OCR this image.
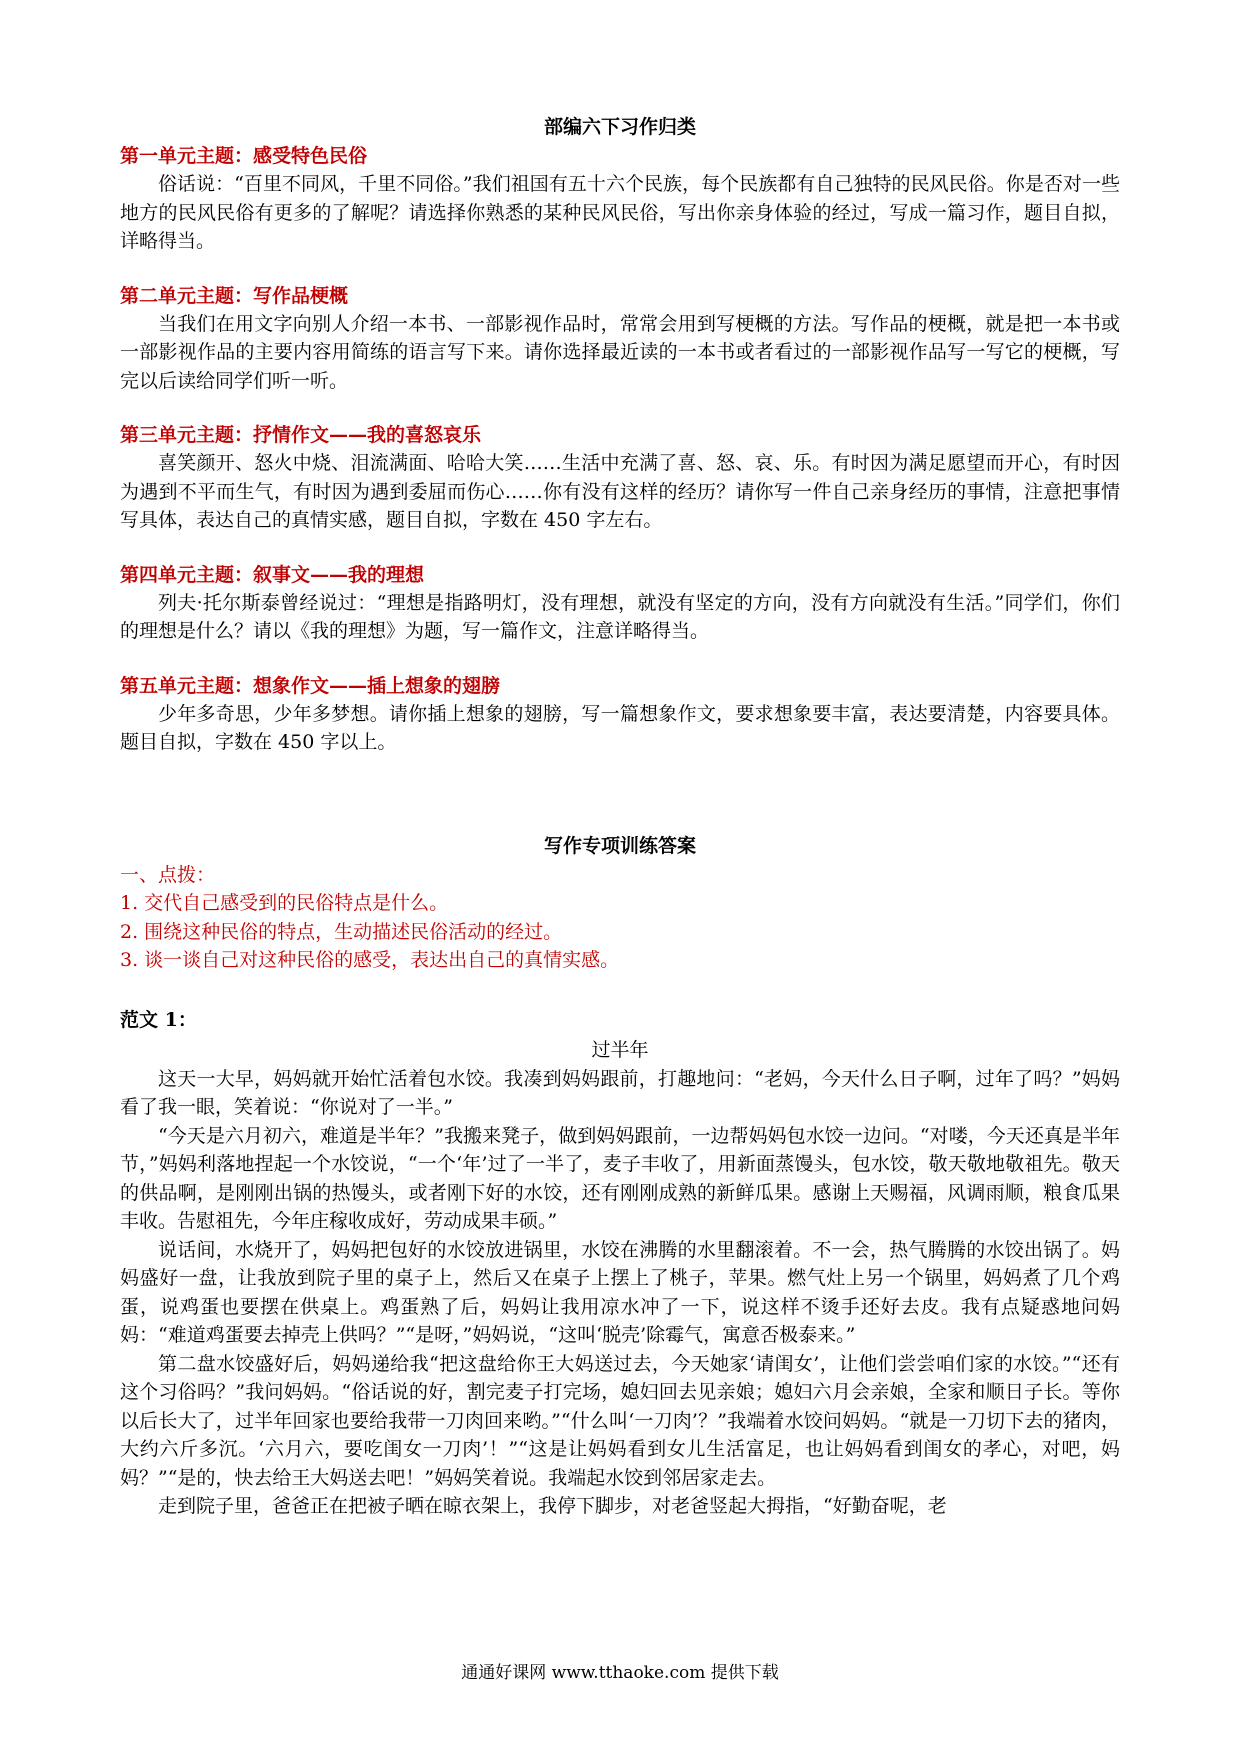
部编六下习作归类

第一单元主题：感受特色民俗

俗话说：“百里不同风，千里不同俗。”我们祖国有五十六个民族，每个民族都有自己独特的民风民俗。你是否对一些地方的民风民俗有更多的了解呢？请选择你熟悉的某种民风民俗，写出你亲身体验的经过，写成一篇习作，题目自拟，详略得当。

第二单元主题：写作品梗概

当我们在用文字向别人介绍一本书、一部影视作品时，常常会用到写梗概的方法。写作品的梗概，就是把一本书或一部影视作品的主要内容用简练的语言写下来。请你选择最近读的一本书或者看过的一部影视作品写一写它的梗概，写完以后读给同学们听一听。

第三单元主题：抒情作文——我的喜怒哀乐

喜笑颜开、怒火中烧、泪流满面、哈哈大笑……生活中充满了喜、怒、哀、乐。有时因为满足愿望而开心，有时因为遇到不平而生气，有时因为遇到委屈而伤心……你有没有这样的经历？请你写一件自己亲身经历的事情，注意把事情写具体，表达自己的真情实感，题目自拟，字数在 450 字左右。

第四单元主题：叙事文——我的理想

列夫·托尔斯泰曾经说过：“理想是指路明灯，没有理想，就没有坚定的方向，没有方向就没有生活。”同学们，你们的理想是什么？请以《我的理想》为题，写一篇作文，注意详略得当。

第五单元主题：想象作文——插上想象的翅膀

少年多奇思，少年多梦想。请你插上想象的翅膀，写一篇想象作文，要求想象要丰富，表达要清楚，内容要具体。题目自拟，字数在 450 字以上。

写作专项训练答案

一、点拨：

1. 交代自己感受到的民俗特点是什么。

2. 围绕这种民俗的特点，生动描述民俗活动的经过。

3. 谈一谈自己对这种民俗的感受，表达出自己的真情实感。

范文 1：

过半年

这天一大早，妈妈就开始忙活着包水饺。我凑到妈妈跟前，打趣地问：“老妈，今天什么日子啊，过年了吗？”妈妈看了我一眼，笑着说：“你说对了一半。”

“今天是六月初六，难道是半年？”我搬来凳子，做到妈妈跟前，一边帮妈妈包水饺一边问。“对喽，今天还真是半年节，”妈妈利落地捏起一个水饺说，“一个‘年’过了一半了，麦子丰收了，用新面蒸馒头，包水饺，敬天敬地敬祖先。敬天的供品啊，是刚刚出锅的热馒头，或者刚下好的水饺，还有刚刚成熟的新鲜瓜果。感谢上天赐福，风调雨顺，粮食瓜果丰收。告慰祖先，今年庄稼收成好，劳动成果丰硕。”

说话间，水烧开了，妈妈把包好的水饺放进锅里，水饺在沸腾的水里翻滚着。不一会，热气腾腾的水饺出锅了。妈妈盛好一盘，让我放到院子里的桌子上，然后又在桌子上摆上了桃子，苹果。燃气灶上另一个锅里，妈妈煮了几个鸡蛋，说鸡蛋也要摆在供桌上。鸡蛋熟了后，妈妈让我用凉水冲了一下，说这样不烫手还好去皮。我有点疑惑地问妈妈：“难道鸡蛋要去掉壳上供吗？”“是呀，”妈妈说，“这叫‘脱壳’除霉气，寓意否极泰来。”

第二盘水饺盛好后，妈妈递给我“把这盘给你王大妈送过去，今天她家‘请闺女’，让他们尝尝咱们家的水饺。”“还有这个习俗吗？”我问妈妈。“俗话说的好，割完麦子打完场，媳妇回去见亲娘；媳妇六月会亲娘，全家和顺日子长。等你以后长大了，过半年回家也要给我带一刀肉回来哟。”“什么叫‘一刀肉’？”我端着水饺问妈妈。“就是一刀切下去的猪肉，大约六斤多沉。‘六月六，要吃闺女一刀肉’！”“这是让妈妈看到女儿生活富足，也让妈妈看到闺女的孝心，对吧，妈妈？”“是的，快去给王大妈送去吧！”妈妈笑着说。我端起水饺到邻居家走去。

走到院子里，爸爸正在把被子晒在晾衣架上，我停下脚步，对老爸竖起大拇指，“好勤奋呢，老

通通好课网 www.tthaoke.com 提供下载
